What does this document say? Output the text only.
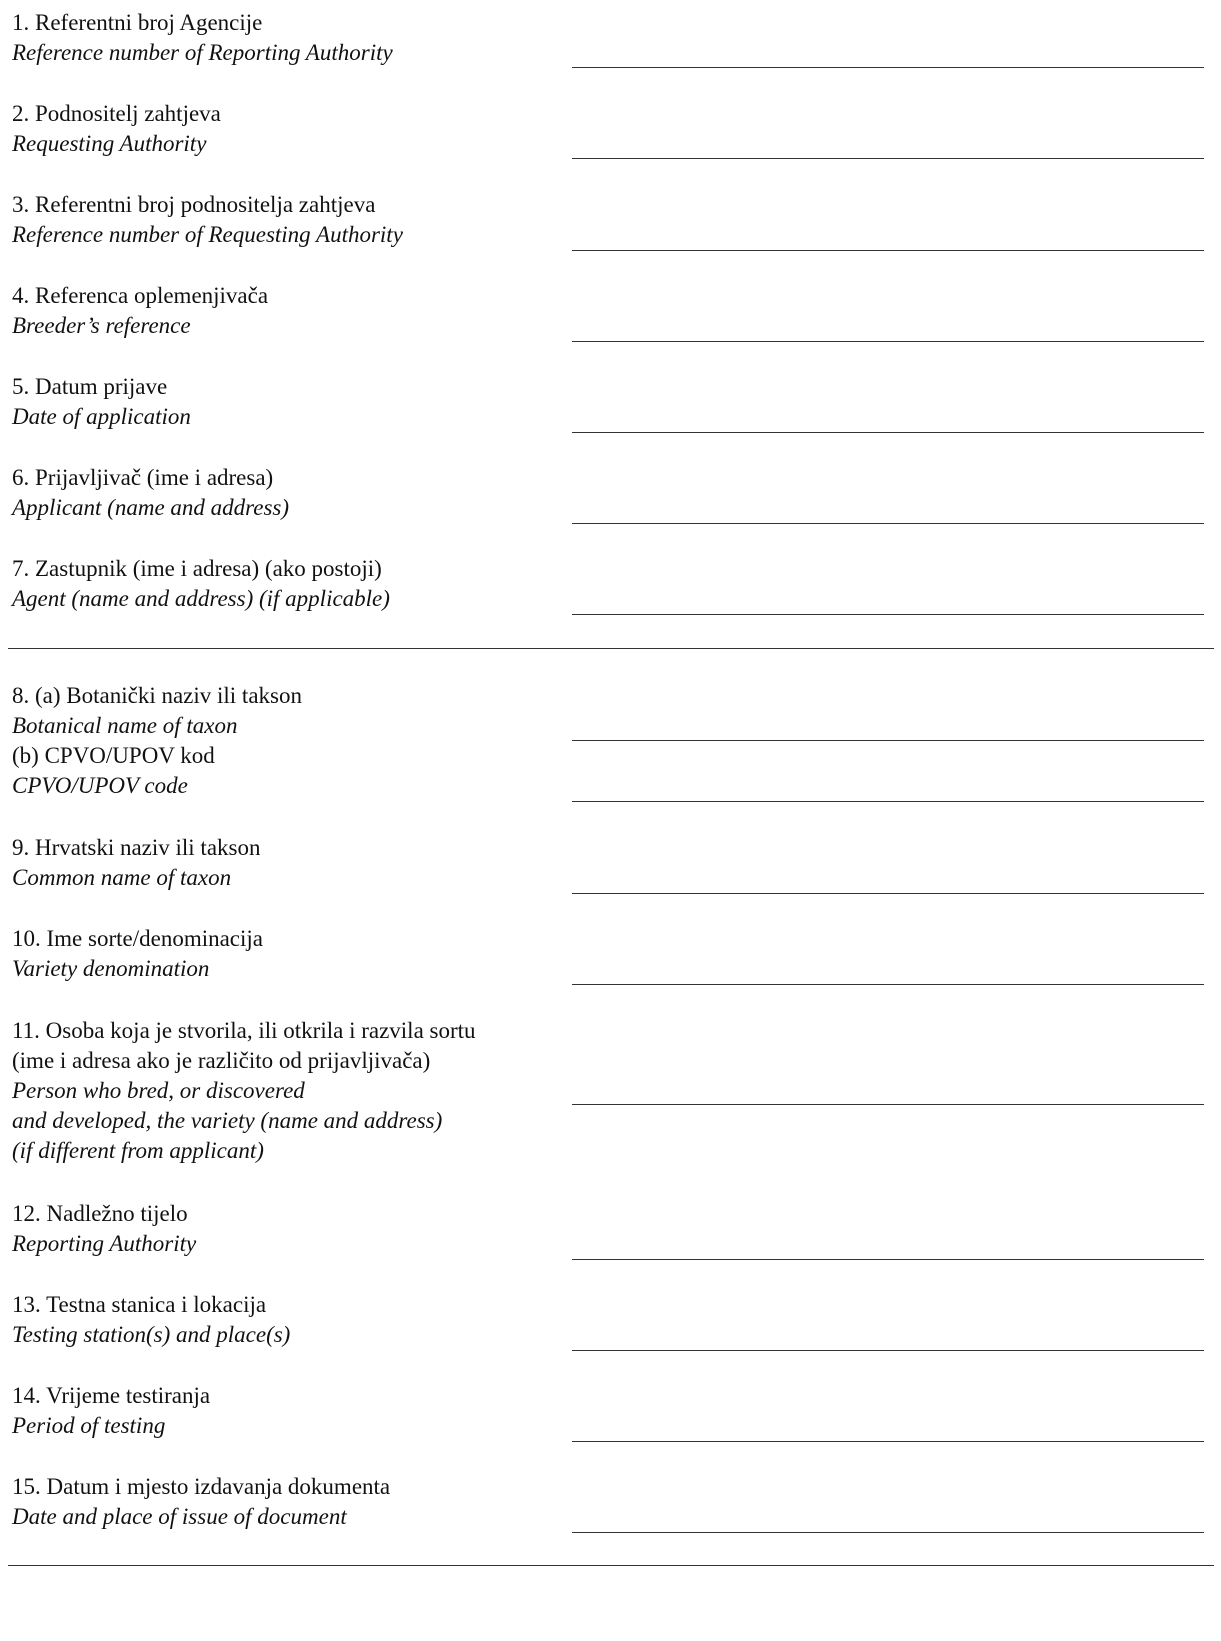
1. Referentni broj Agencije
Reference number of Reporting Authority
2. Podnositelj zahtjeva
Requesting Authority
3. Referentni broj podnositelja zahtjeva
Reference number of Requesting Authority
4. Referenca oplemenjivača
Breeder’s reference
5. Datum prijave
Date of application
6. Prijavljivač (ime i adresa)
Applicant (name and address)
7. Zastupnik (ime i adresa) (ako postoji)
Agent (name and address) (if applicable)
8. (a) Botanički naziv ili takson
Botanical name of taxon
(b) CPVO/UPOV kod
CPVO/UPOV code
9. Hrvatski naziv ili takson
Common name of taxon
10. Ime sorte/denominacija
Variety denomination
11. Osoba koja je stvorila, ili otkrila i razvila sortu
(ime i adresa ako je različito od prijavljivača)
Person who bred, or discovered
and developed, the variety (name and address)
(if different from applicant)
12. Nadležno tijelo
Reporting Authority
13. Testna stanica i lokacija
Testing station(s) and place(s)
14. Vrijeme testiranja
Period of testing
15. Datum i mjesto izdavanja dokumenta
Date and place of issue of document
